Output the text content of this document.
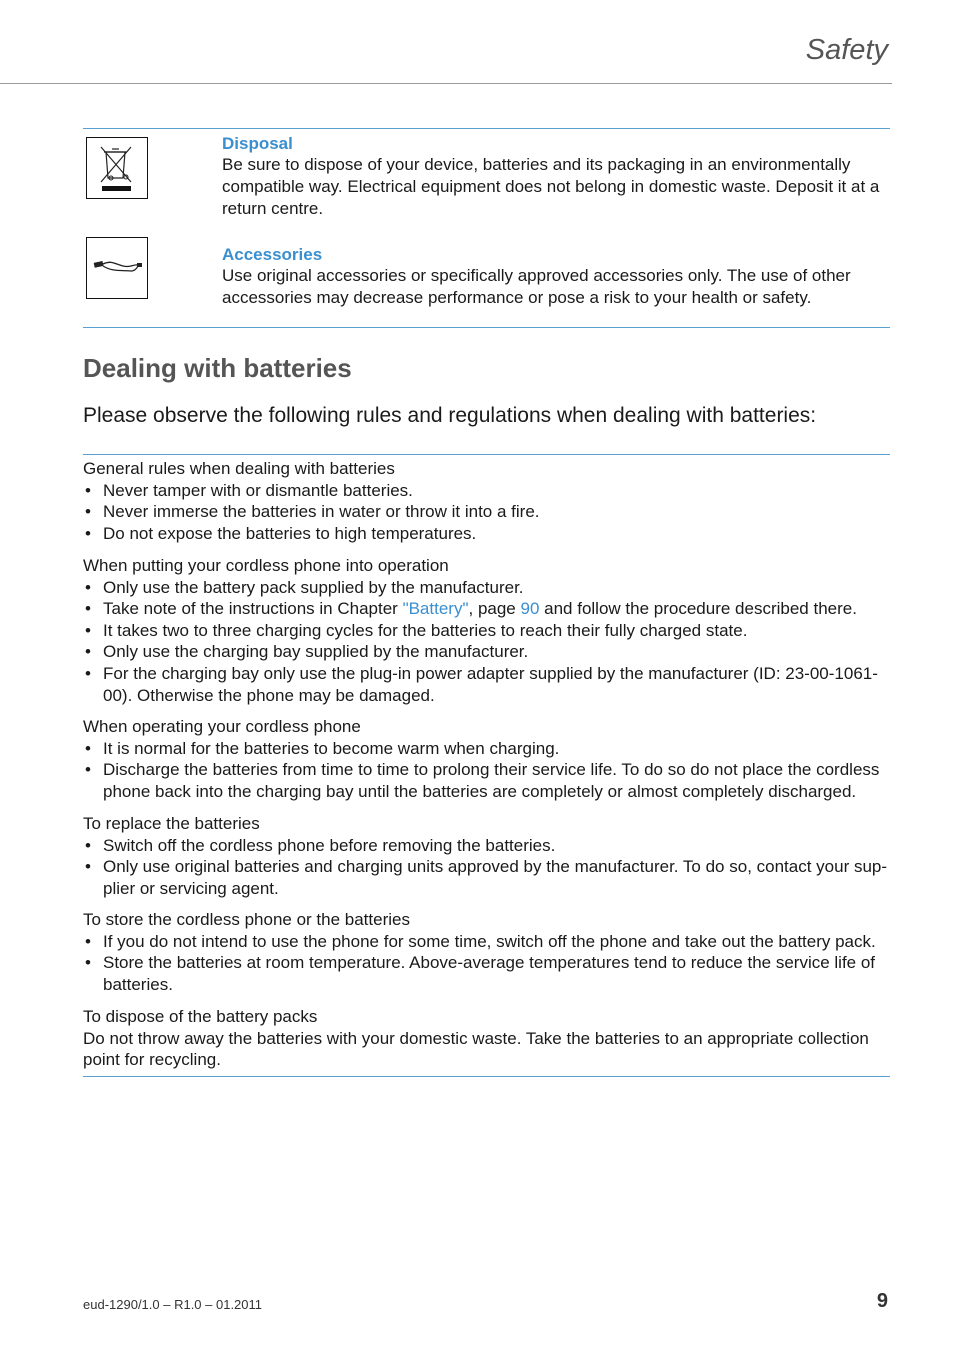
Safety
Disposal
Be sure to dispose of your device, batteries and its packaging in an environmentally compatible way. Electrical equipment does not belong in domestic waste. Deposit it at a return centre.
Accessories
Use original accessories or specifically approved accessories only. The use of other accessories may decrease performance or pose a risk to your health or safety.
Dealing with batteries
Please observe the following rules and regulations when dealing with batteries:

General rules when dealing with batteries

• Never tamper with or dismantle batteries.
• Never immerse the batteries in water or throw it into a fire.
• Do not expose the batteries to high temperatures.

When putting your cordless phone into operation

• Only use the battery pack supplied by the manufacturer.
• Take note of the instructions in Chapter "Battery", page 90 and follow the procedure described there.
• It takes two to three charging cycles for the batteries to reach their fully charged state.
• Only use the charging bay supplied by the manufacturer.
• For the charging bay only use the plug-in power adapter supplied by the manufacturer (ID: 23-00-1061-00). Otherwise the phone may be damaged.

When operating your cordless phone

• It is normal for the batteries to become warm when charging.
• Discharge the batteries from time to time to prolong their service life. To do so do not place the cordless phone back into the charging bay until the batteries are completely or almost completely discharged.

To replace the batteries

• Switch off the cordless phone before removing the batteries.
• Only use original batteries and charging units approved by the manufacturer. To do so, contact your sup-plier or servicing agent.

To store the cordless phone or the batteries

• If you do not intend to use the phone for some time, switch off the phone and take out the battery pack.
• Store the batteries at room temperature. Above-average temperatures tend to reduce the service life of batteries.

To dispose of the battery packs

Do not throw away the batteries with your domestic waste. Take the batteries to an appropriate collection point for recycling.

eud-1290/1.0 – R1.0 – 01.2011	9
